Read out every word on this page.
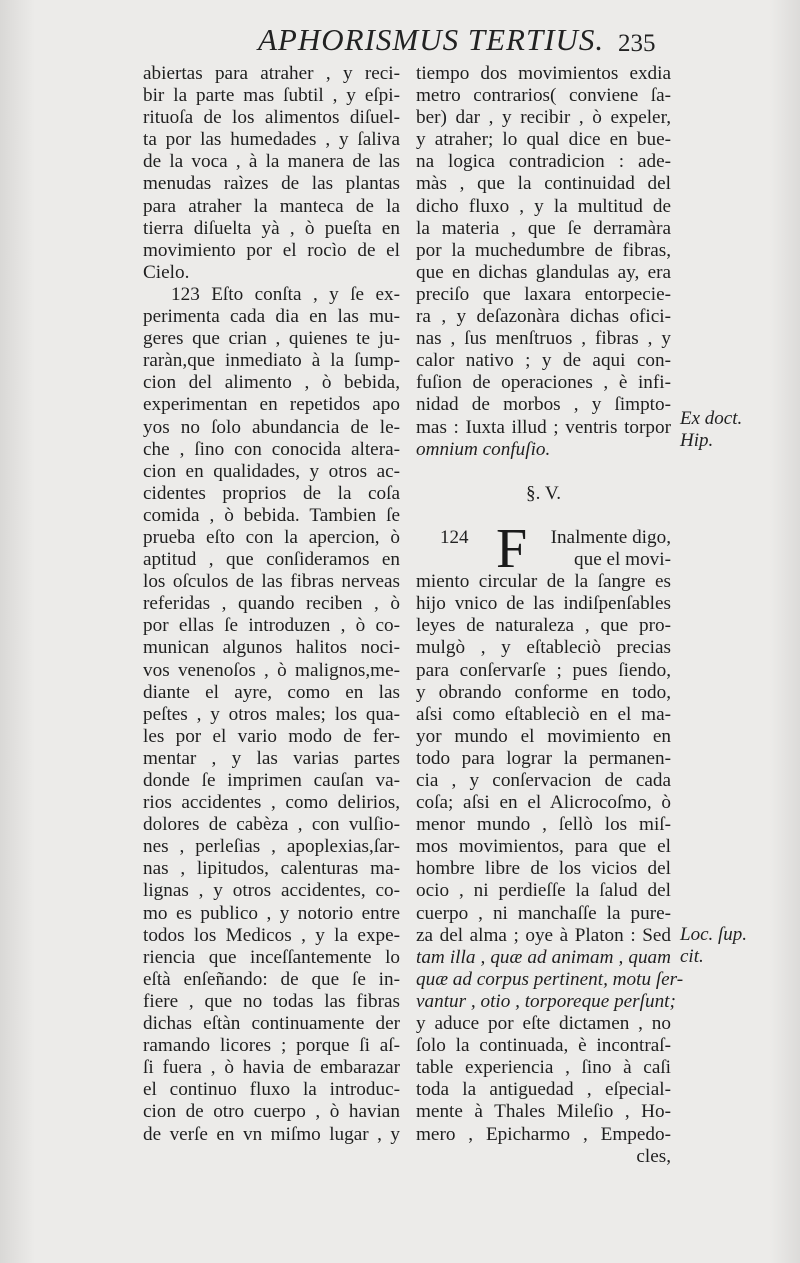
APHORISMUS TERTIUS. 235
abiertas para atraher , y reci-
bir la parte mas ſubtil , y eſpi-
rituoſa de los alimentos diſuel-
ta por las humedades , y ſaliva
de la voca , à la manera de las
menudas raìzes de las plantas
para atraher la manteca de la
tierra diſuelta yà , ò pueſta en
movimiento por el rocìo de el
Cielo.
123 Eſto conſta , y ſe ex-
perimenta cada dia en las mu-
geres que crian , quienes te ju-
raràn,que inmediato à la ſump-
cion del alimento , ò bebida,
experimentan en repetidos apo
yos no ſolo abundancia de le-
che , ſino con conocida altera-
cion en qualidades, y otros ac-
cidentes proprios de la coſa
comida , ò bebida. Tambien ſe
prueba eſto con la apercion, ò
aptitud , que conſideramos en
los oſculos de las fibras nerveas
referidas , quando reciben , ò
por ellas ſe introduzen , ò co-
munican algunos halitos noci-
vos venenoſos , ò malignos,me-
diante el ayre, como en las
peſtes , y otros males; los qua-
les por el vario modo de fer-
mentar , y las varias partes
donde ſe imprimen cauſan va-
rios accidentes , como delirios,
dolores de cabèza , con vulſio-
nes , perleſias , apoplexias,ſar-
nas , lipitudos, calenturas ma-
lignas , y otros accidentes, co-
mo es publico , y notorio entre
todos los Medicos , y la expe-
riencia que inceſſantemente lo
eſtà enſeñando: de que ſe in-
fiere , que no todas las fibras
dichas eſtàn continuamente der
ramando licores ; porque ſi aſ-
ſi fuera , ò havia de embarazar
el continuo fluxo la introduc-
cion de otro cuerpo , ò havian
de verſe en vn miſmo lugar , y
tiempo dos movimientos exdia
metro contrarios( conviene ſa-
ber) dar , y recibir , ò expeler,
y atraher; lo qual dice en bue-
na logica contradicion : ade-
màs , que la continuidad del
dicho fluxo , y la multitud de
la materia , que ſe derramàra
por la muchedumbre de fibras,
que en dichas glandulas ay, era
preciſo que laxara entorpecie-
ra , y deſazonàra dichas ofici-
nas , ſus menſtruos , fibras , y
calor nativo ; y de aqui con-
fuſion de operaciones , è infi-
nidad de morbos , y ſimpto-
mas : Iuxta illud ; ventris torpor
omnium confuſio.
§. V.
124 F	Inalmente digo,
que el movi-
miento circular de la ſangre es
hijo vnico de las indiſpenſables
leyes de naturaleza , que pro-
mulgò , y eſtableciò precias
para conſervarſe ; pues ſiendo,
y obrando conforme en todo,
aſsi como eſtableciò en el ma-
yor mundo el movimiento en
todo para lograr la permanen-
cia , y conſervacion de cada
coſa; aſsi en el Alicrocoſmo, ò
menor mundo , ſellò los miſ-
mos movimientos, para que el
hombre libre de los vicios del
ocio , ni perdieſſe la ſalud del
cuerpo , ni manchaſſe la pure-
za del alma ; oye à Platon : Sed
tam illa , quæ ad animam , quam
quæ ad corpus pertinent, motu ſer-
vantur , otio , torporeque perſunt;
y aduce por eſte dictamen , no
ſolo la continuada, è incontraſ-
table experiencia , ſino à caſi
toda la antiguedad , eſpecial-
mente à Thales Mileſio , Ho-
mero , Epicharmo , Empedo-
cles,
Ex doct.
Hip.
Loc. ſup.
cit.
